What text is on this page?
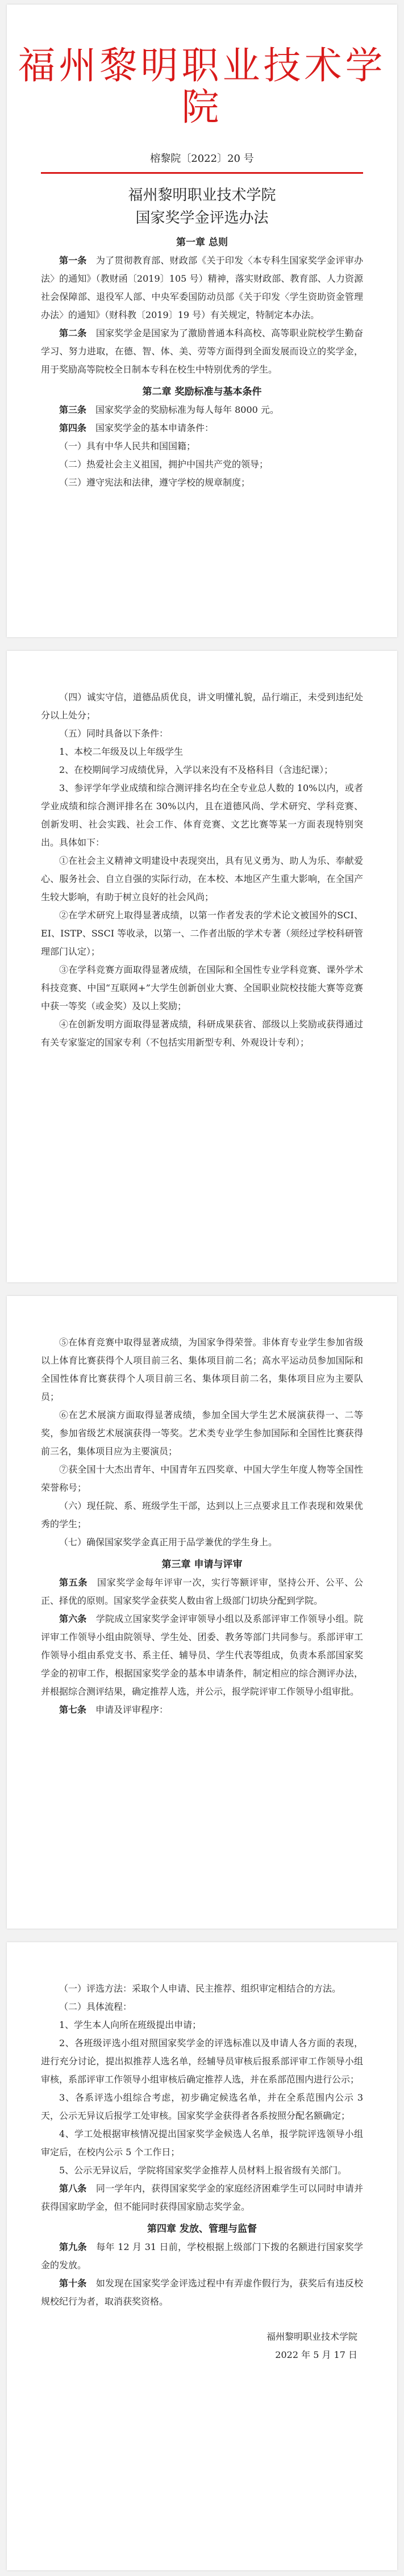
福州黎明职业技术学院
榕黎院〔2022〕20 号
福州黎明职业技术学院
国家奖学金评选办法
第一章 总则

第一条　 为了贯彻教育部、财政部《关于印发〈本专科生国家奖学金评审办法〉的通知》（教财函〔2019〕105 号）精神，落实财政部、教育部、人力资源社会保障部、退役军人部、中央军委国防动员部《关于印发〈学生资助资金管理办法〉的通知》（财科教〔2019〕19 号）有关规定，特制定本办法。

第二条　 国家奖学金是国家为了激励普通本科高校、高等职业院校学生勤奋学习、努力进取，在德、智、体、美、劳等方面得到全面发展而设立的奖学金，用于奖励高等院校全日制本专科在校生中特别优秀的学生。

第二章 奖励标准与基本条件

第三条　 国家奖学金的奖励标准为每人每年 8000 元。

第四条　 国家奖学金的基本申请条件：

（一）具有中华人民共和国国籍；

（二）热爱社会主义祖国，拥护中国共产党的领导；

（三）遵守宪法和法律，遵守学校的规章制度；

（四）诚实守信，道德品质优良，讲文明懂礼貌，品行端正，未受到违纪处分以上处分；

（五）同时具备以下条件：

1、本校二年级及以上年级学生

2、在校期间学习成绩优异，入学以来没有不及格科目（含违纪课）；

3、参评学年学业成绩和综合测评排名均在全专业总人数的 10%以内，或者学业成绩和综合测评排名在 30%以内，且在道德风尚、学术研究、学科竞赛、创新发明、社会实践、社会工作、体育竞赛、文艺比赛等某一方面表现特别突出。具体如下：

①在社会主义精神文明建设中表现突出，具有见义勇为、助人为乐、奉献爱心、服务社会、自立自强的实际行动，在本校、本地区产生重大影响，在全国产生较大影响，有助于树立良好的社会风尚；

②在学术研究上取得显著成绩，以第一作者发表的学术论文被国外的SCI、EI、ISTP、SSCI 等收录，以第一、二作者出版的学术专著（须经过学校科研管理部门认定）；

③在学科竞赛方面取得显著成绩，在国际和全国性专业学科竞赛、课外学术科技竞赛、中国“互联网+”大学生创新创业大赛、全国职业院校技能大赛等竞赛中获一等奖（或金奖）及以上奖励；

④在创新发明方面取得显著成绩，科研成果获省、部级以上奖励或获得通过有关专家鉴定的国家专利（不包括实用新型专利、外观设计专利）；

⑤在体育竞赛中取得显著成绩，为国家争得荣誉。非体育专业学生参加省级以上体育比赛获得个人项目前三名、集体项目前二名；高水平运动员参加国际和全国性体育比赛获得个人项目前三名、集体项目前二名，集体项目应为主要队员；

⑥在艺术展演方面取得显著成绩，参加全国大学生艺术展演获得一、二等奖，参加省级艺术展演获得一等奖。艺术类专业学生参加国际和全国性比赛获得前三名，集体项目应为主要演员；

⑦获全国十大杰出青年、中国青年五四奖章、中国大学生年度人物等全国性荣誉称号；

（六）现任院、系、班级学生干部，达到以上三点要求且工作表现和效果优秀的学生；

（七）确保国家奖学金真正用于品学兼优的学生身上。

第三章 申请与评审

第五条　 国家奖学金每年评审一次，实行等额评审，坚持公开、公平、公正、择优的原则。国家奖学金获奖人数由省上级部门切块分配到学院。

第六条　 学院成立国家奖学金评审领导小组以及系部评审工作领导小组。院评审工作领导小组由院领导、学生处、团委、教务等部门共同参与。系部评审工作领导小组由系党支书、系主任、辅导员、学生代表等组成，负责本系部国家奖学金的初审工作，根据国家奖学金的基本申请条件，制定相应的综合测评办法，并根据综合测评结果，确定推荐人选，并公示，报学院评审工作领导小组审批。

第七条　 申请及评审程序：

（一）评选方法：采取个人申请、民主推荐、组织审定相结合的方法。

（二）具体流程：

1、学生本人向所在班级提出申请；

2、各班级评选小组对照国家奖学金的评选标准以及申请人各方面的表现，进行充分讨论，提出拟推荐人选名单，经辅导员审核后报系部评审工作领导小组审核，系部评审工作领导小组审核后确定推荐人选，并在系部范围内进行公示；

3、各系评选小组综合考虑，初步确定候选名单，并在全系范围内公示 3 天，公示无异议后报学工处审核。国家奖学金获得者各系按照分配名额确定；

4、学工处根据审核情况提出国家奖学金候选人名单，报学院评选领导小组审定后，在校内公示 5 个工作日；

5、公示无异议后，学院将国家奖学金推荐人员材料上报省级有关部门。

第八条　 同一学年内，获得国家奖学金的家庭经济困难学生可以同时申请并获得国家助学金，但不能同时获得国家励志奖学金。

第四章 发放、管理与监督

第九条　 每年 12 月 31 日前，学校根据上级部门下拨的名额进行国家奖学金的发放。

第十条　 如发现在国家奖学金评选过程中有弄虚作假行为，获奖后有违反校规校纪行为者，取消获奖资格。

福州黎明职业技术学院
2022 年 5 月 17 日
